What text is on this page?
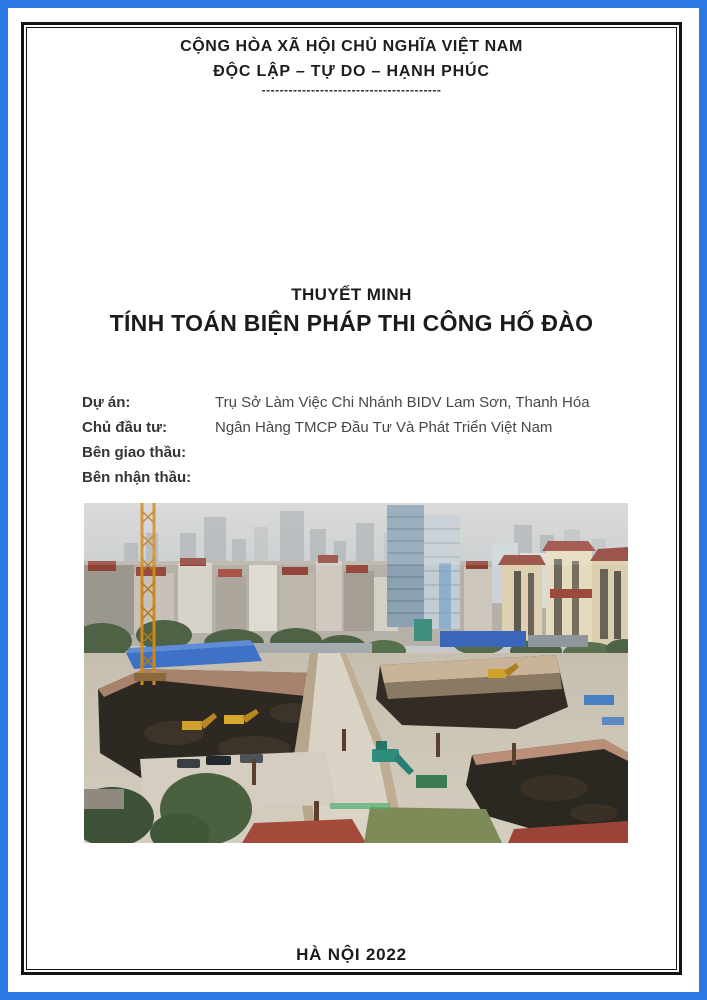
CỘNG HÒA XÃ HỘI CHỦ NGHĨA VIỆT NAM
ĐỘC LẬP – TỰ DO – HẠNH PHÚC
----------------------------------------
THUYẾT MINH
TÍNH TOÁN BIỆN PHÁP THI CÔNG HỐ ĐÀO
Dự án:	Trụ Sở Làm Việc Chi Nhánh BIDV Lam Sơn, Thanh Hóa
Chủ đầu tư:	Ngân Hàng TMCP Đầu Tư Và Phát Triển Việt Nam
Bên giao thầu:
Bên nhận thầu:
HÀ NỘI 2022
